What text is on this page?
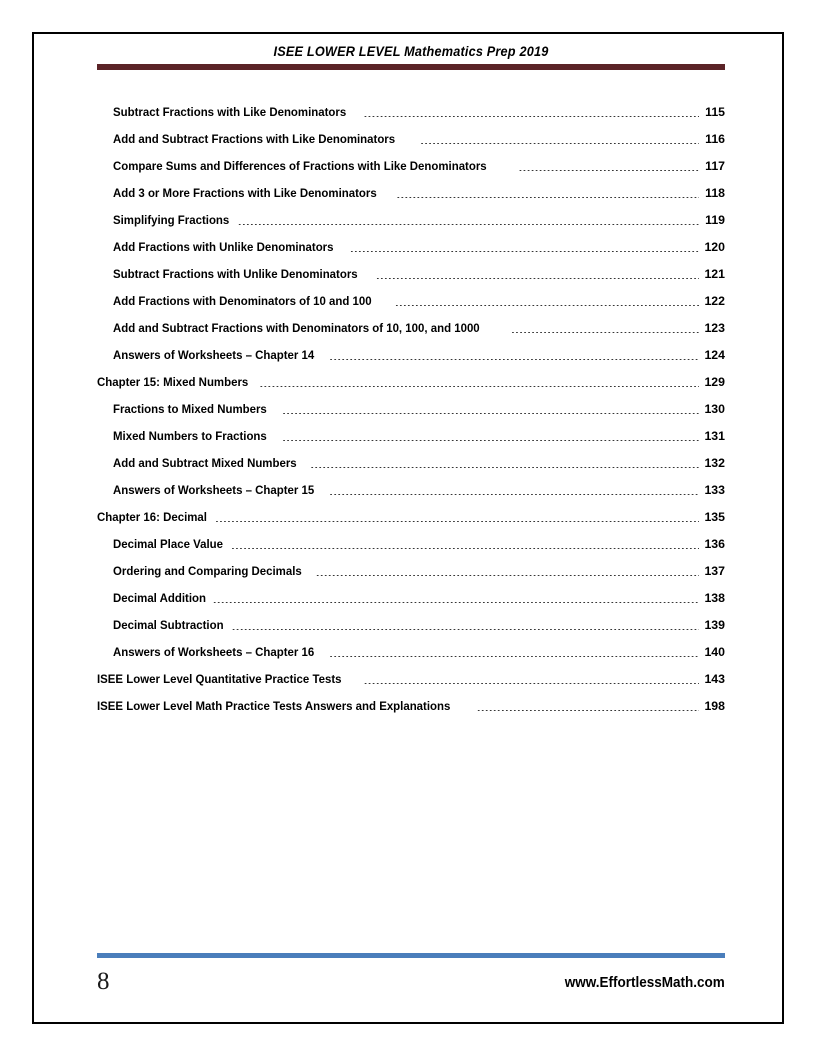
ISEE LOWER LEVEL Mathematics Prep 2019
Subtract Fractions with Like Denominators .....	115
Add and Subtract Fractions with Like Denominators .....	116
Compare Sums and Differences of Fractions with Like Denominators .....	117
Add 3 or More Fractions with Like Denominators .....	118
Simplifying Fractions .....	119
Add Fractions with Unlike Denominators .....	120
Subtract Fractions with Unlike Denominators .....	121
Add Fractions with Denominators of 10 and 100 .....	122
Add and Subtract Fractions with Denominators of 10, 100, and 1000 .....	123
Answers of Worksheets – Chapter 14 .....	124
Chapter 15: Mixed Numbers .....	129
Fractions to Mixed Numbers .....	130
Mixed Numbers to Fractions .....	131
Add and Subtract Mixed Numbers .....	132
Answers of Worksheets – Chapter 15 .....	133
Chapter 16: Decimal .....	135
Decimal Place Value .....	136
Ordering and Comparing Decimals .....	137
Decimal Addition .....	138
Decimal Subtraction .....	139
Answers of Worksheets – Chapter 16 .....	140
ISEE Lower Level Quantitative Practice Tests .....	143
ISEE Lower Level Math Practice Tests Answers and Explanations .....	198
8	www.EffortlessMath.com
